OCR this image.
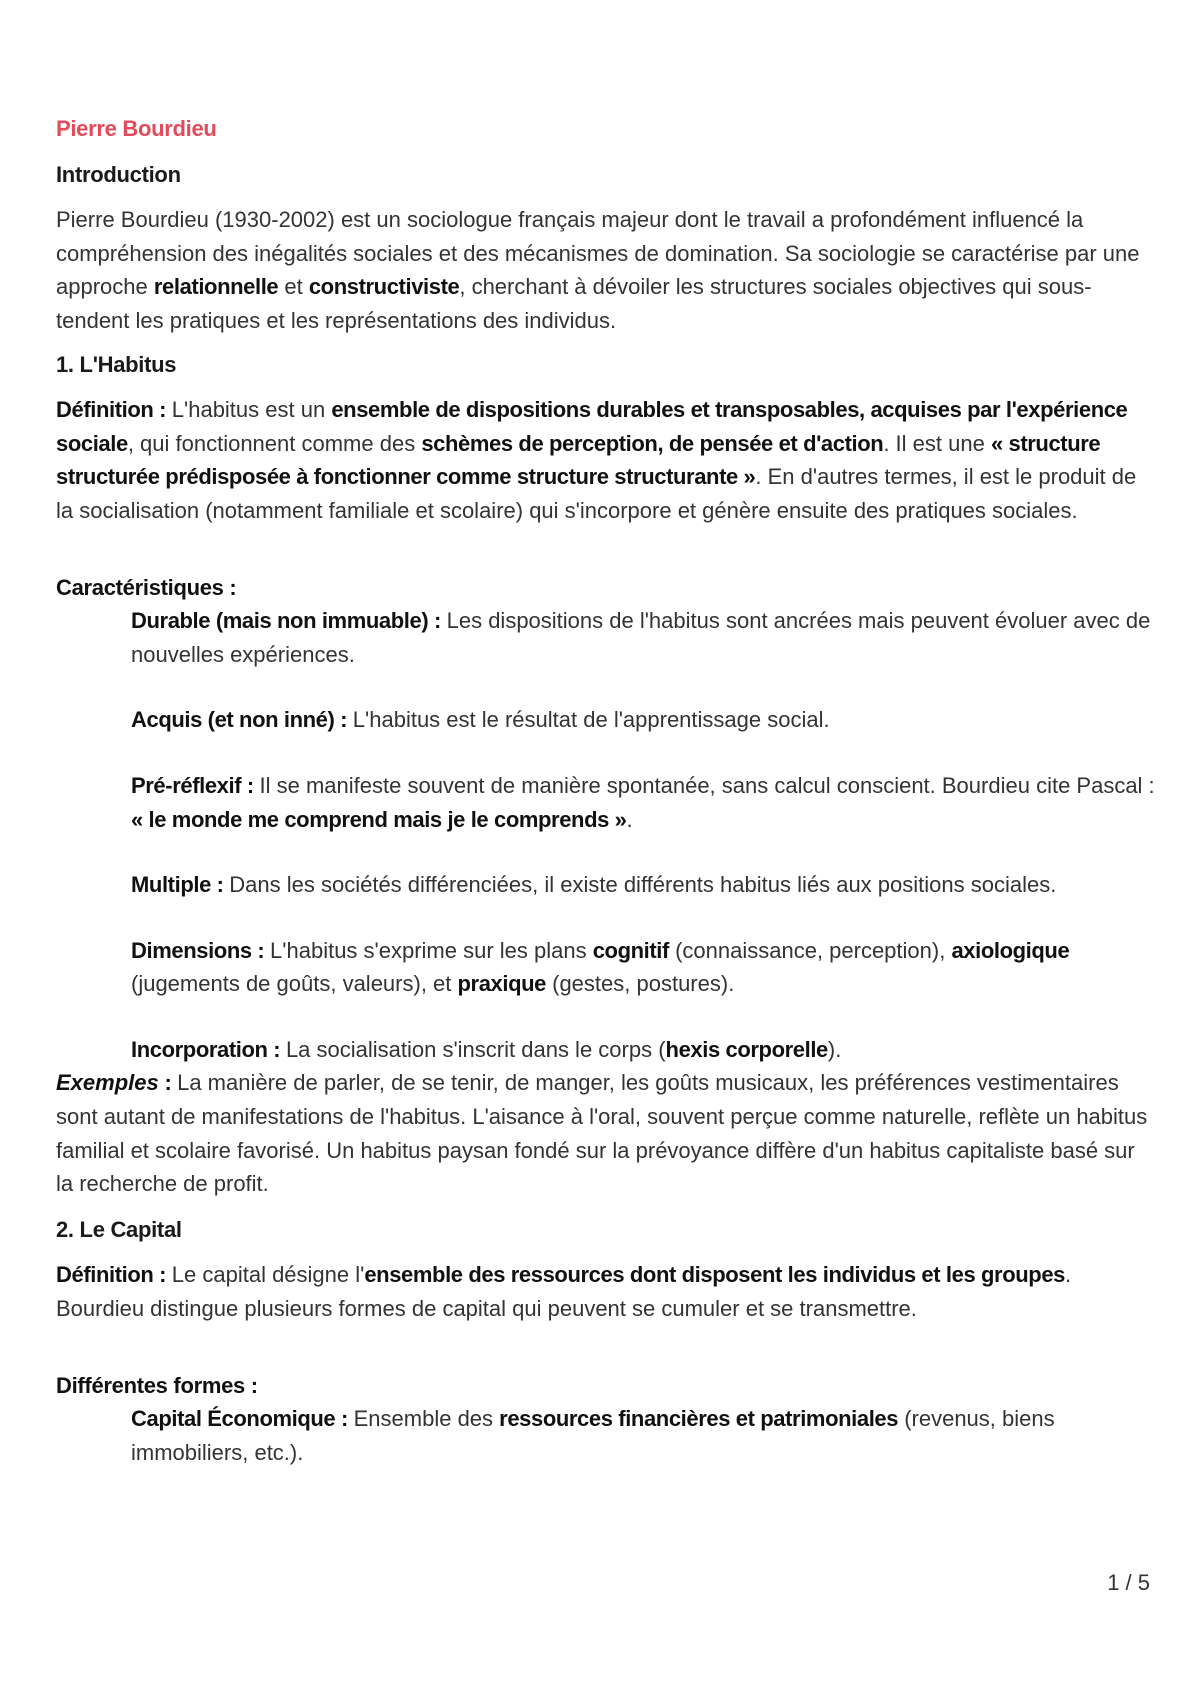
Pierre Bourdieu
Introduction

Pierre Bourdieu (1930-2002) est un sociologue français majeur dont le travail a profondément influencé la compréhension des inégalités sociales et des mécanismes de domination. Sa sociologie se caractérise par une approche relationnelle et constructiviste, cherchant à dévoiler les structures sociales objectives qui sous-tendent les pratiques et les représentations des individus.

1. L'Habitus

Définition : L'habitus est un ensemble de dispositions durables et transposables, acquises par l'expérience sociale, qui fonctionnent comme des schèmes de perception, de pensée et d'action. Il est une « structure structurée prédisposée à fonctionner comme structure structurante ». En d'autres termes, il est le produit de la socialisation (notamment familiale et scolaire) qui s'incorpore et génère ensuite des pratiques sociales.

Caractéristiques :
Durable (mais non immuable) : Les dispositions de l'habitus sont ancrées mais peuvent évoluer avec de nouvelles expériences.
Acquis (et non inné) : L'habitus est le résultat de l'apprentissage social.
Pré-réflexif : Il se manifeste souvent de manière spontanée, sans calcul conscient. Bourdieu cite Pascal : « le monde me comprend mais je le comprends ».
Multiple : Dans les sociétés différenciées, il existe différents habitus liés aux positions sociales.
Dimensions : L'habitus s'exprime sur les plans cognitif (connaissance, perception), axiologique (jugements de goûts, valeurs), et praxique (gestes, postures).
Incorporation : La socialisation s'inscrit dans le corps (hexis corporelle).

Exemples : La manière de parler, de se tenir, de manger, les goûts musicaux, les préférences vestimentaires sont autant de manifestations de l'habitus. L'aisance à l'oral, souvent perçue comme naturelle, reflète un habitus familial et scolaire favorisé. Un habitus paysan fondé sur la prévoyance diffère d'un habitus capitaliste basé sur la recherche de profit.

2. Le Capital

Définition : Le capital désigne l'ensemble des ressources dont disposent les individus et les groupes. Bourdieu distingue plusieurs formes de capital qui peuvent se cumuler et se transmettre.

Différentes formes :
Capital Économique : Ensemble des ressources financières et patrimoniales (revenus, biens immobiliers, etc.).
1 / 5
